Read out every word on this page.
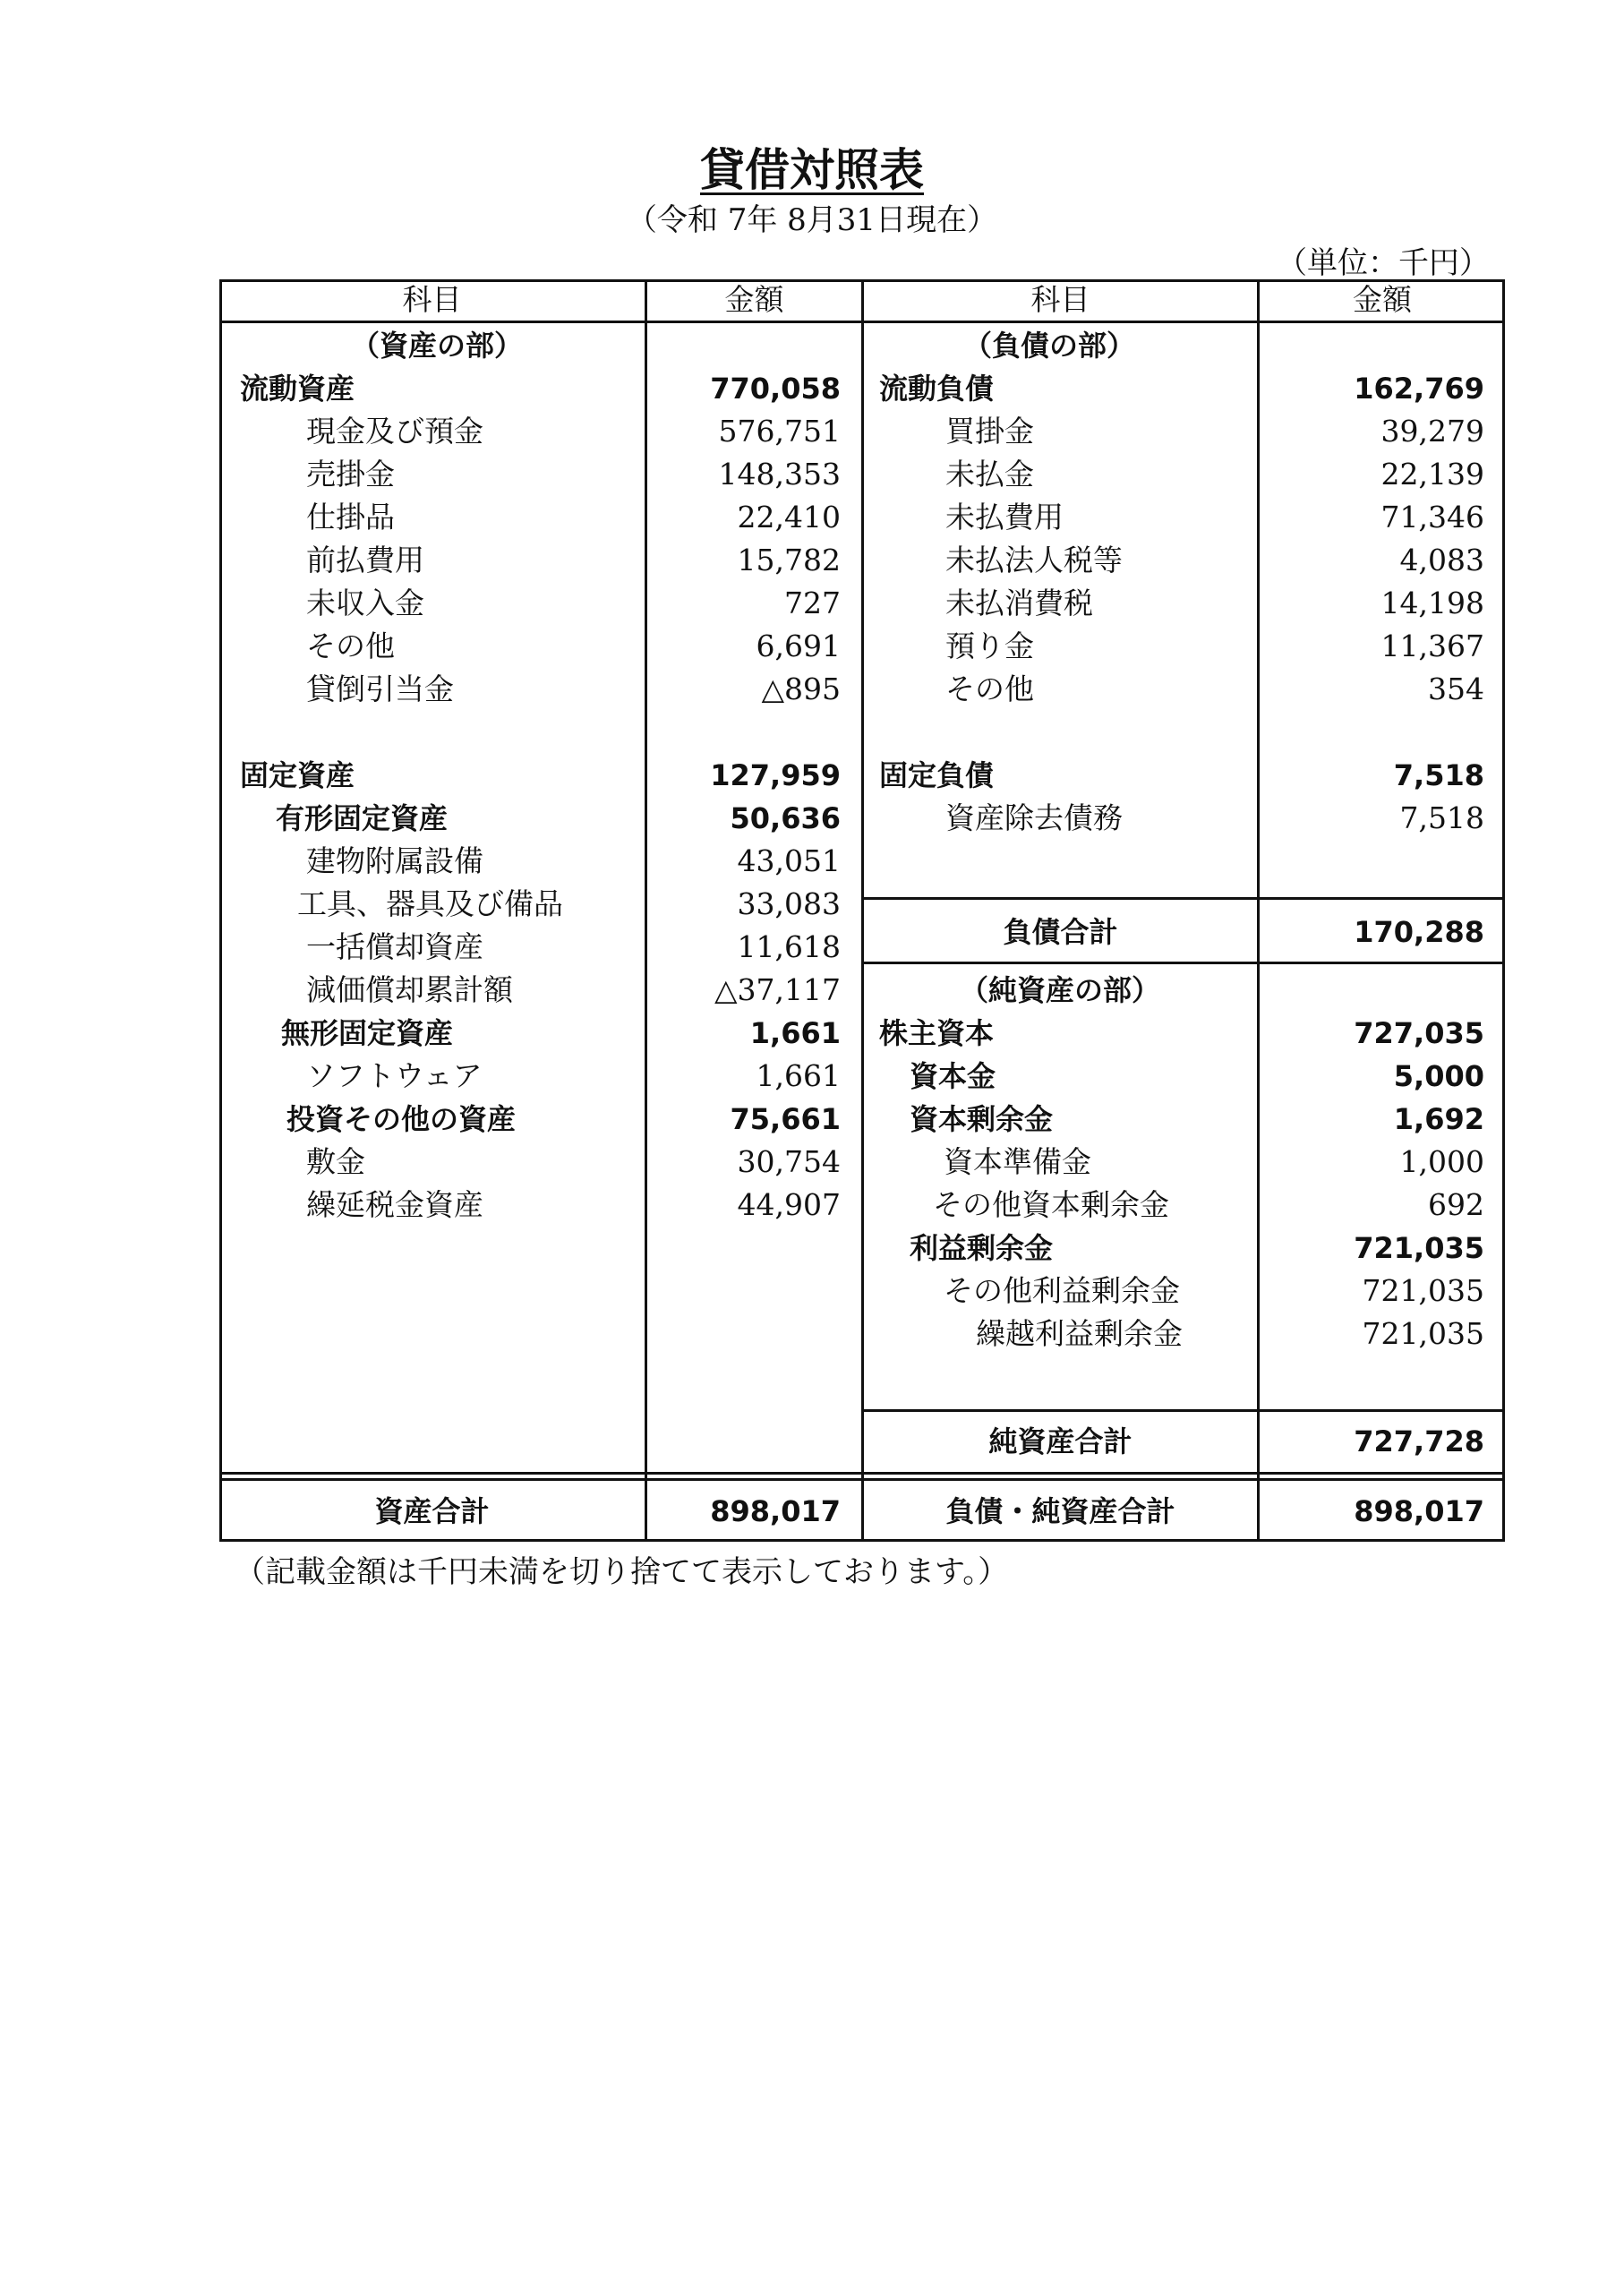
貸借対照表
（令和 7年 8月31日現在）
（単位：千円）
科目	金額	科目	金額
（資産の部）
流動資産	770,058
現金及び預金	576,751
売掛金	148,353
仕掛品	22,410
前払費用	15,782
未収入金	727
その他	6,691
貸倒引当金	△895
固定資産	127,959
有形固定資産	50,636
建物附属設備	43,051
工具、器具及び備品	33,083
一括償却資産	11,618
減価償却累計額	△37,117
無形固定資産	1,661
ソフトウェア	1,661
投資その他の資産	75,661
敷金	30,754
繰延税金資産	44,907
（負債の部）
流動負債	162,769
買掛金	39,279
未払金	22,139
未払費用	71,346
未払法人税等	4,083
未払消費税	14,198
預り金	11,367
その他	354
固定負債	7,518
資産除去債務	7,518
負債合計	170,288
（純資産の部）
株主資本	727,035
資本金	5,000
資本剰余金	1,692
資本準備金	1,000
その他資本剰余金	692
利益剰余金	721,035
その他利益剰余金	721,035
繰越利益剰余金	721,035
純資産合計	727,728
資産合計	898,017	負債・純資産合計	898,017
（記載金額は千円未満を切り捨てて表示しております。）
